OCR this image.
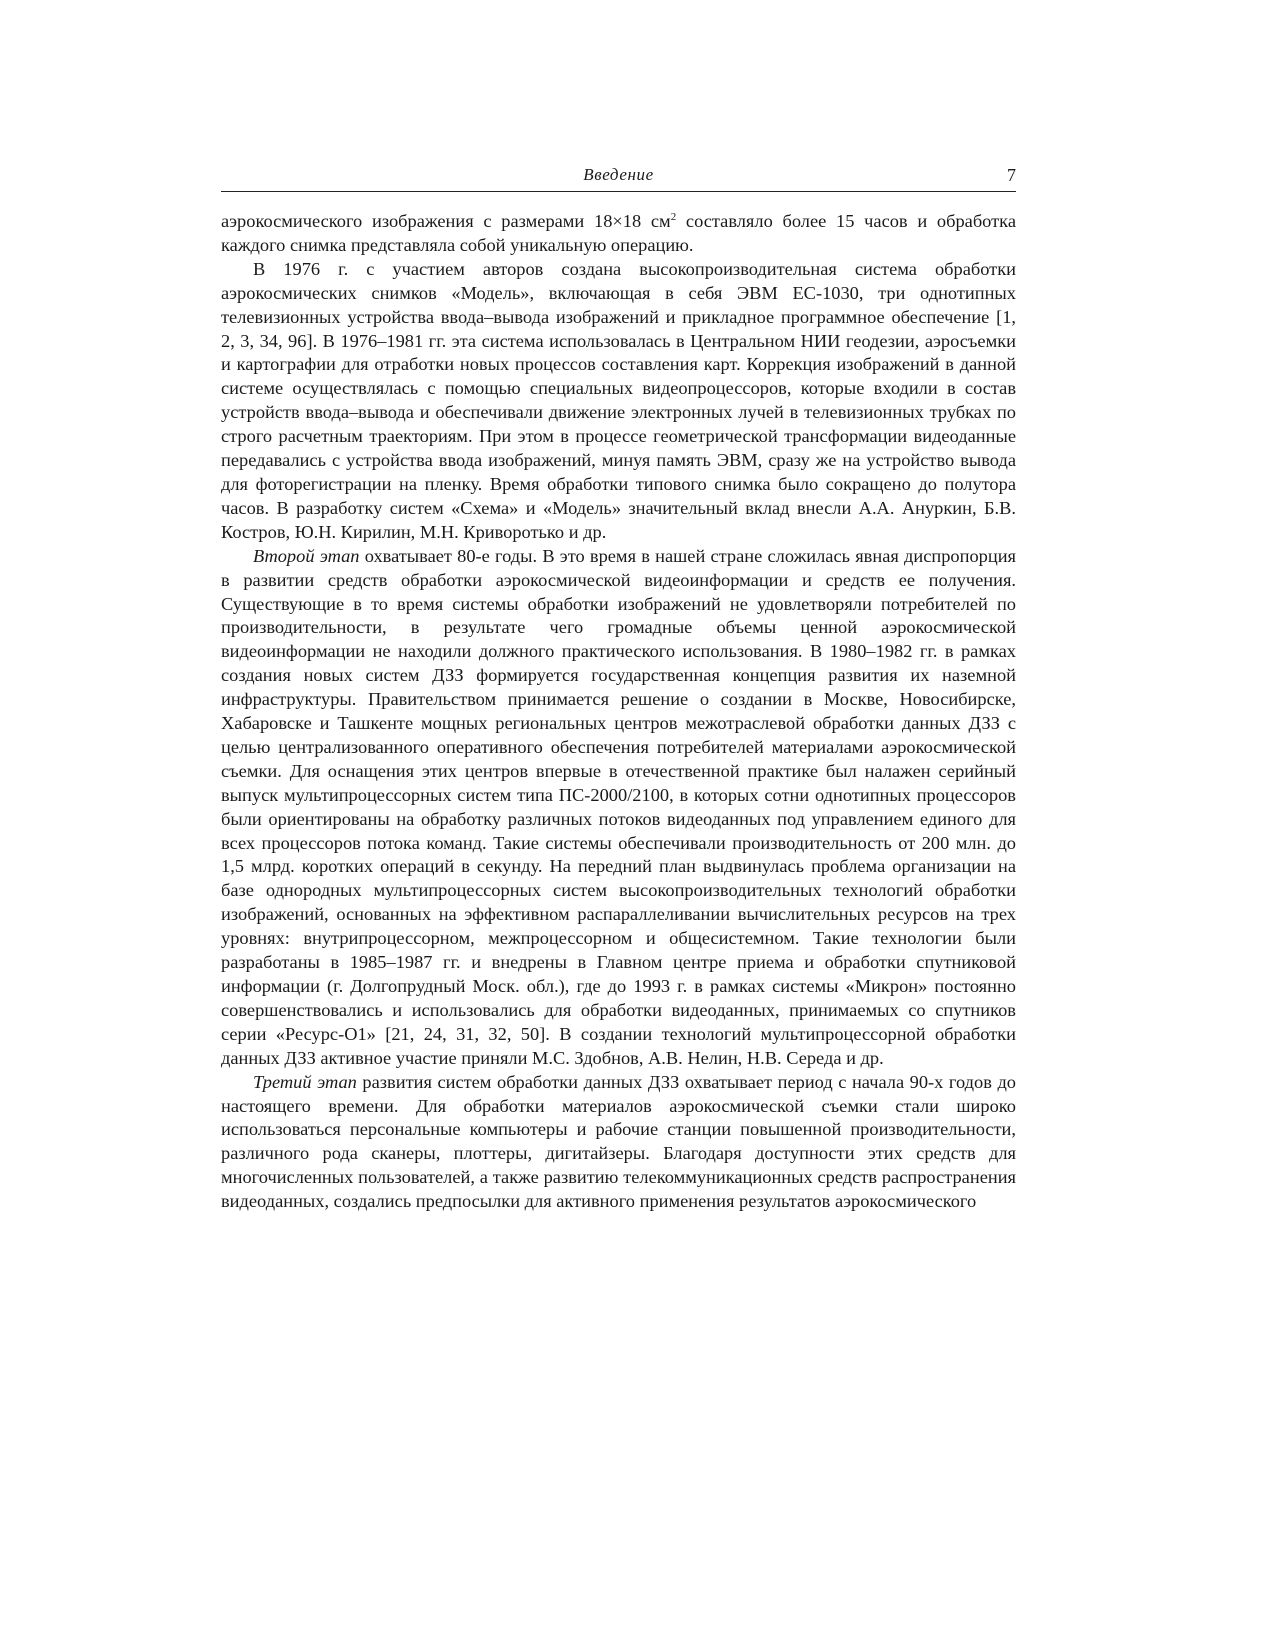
Введение	7

аэрокосмического изображения с размерами 18×18 $см^2$ составляло более 15 часов и обработка каждого снимка представляла собой уникальную операцию.

В 1976 г. с участием авторов создана высокопроизводительная система обработки аэрокосмических снимков «Модель», включающая в себя ЭВМ ЕС-1030, три однотипных телевизионных устройства ввода–вывода изображений и прикладное программное обеспечение [1, 2, 3, 34, 96]. В 1976–1981 гг. эта система использовалась в Центральном НИИ геодезии, аэросъемки и картографии для отработки новых процессов составления карт. Коррекция изображений в данной системе осуществлялась с помощью специальных видеопроцессоров, которые входили в состав устройств ввода–вывода и обеспечивали движение электронных лучей в телевизионных трубках по строго расчетным траекториям. При этом в процессе геометрической трансформации видеоданные передавались с устройства ввода изображений, минуя память ЭВМ, сразу же на устройство вывода для фоторегистрации на пленку. Время обработки типового снимка было сокращено до полутора часов. В разработку систем «Схема» и «Модель» значительный вклад внесли А.А. Ануркин, Б.В. Костров, Ю.Н. Кирилин, М.Н. Криворотько и др.

Второй этап охватывает 80-е годы. В это время в нашей стране сложилась явная диспропорция в развитии средств обработки аэрокосмической видеоинформации и средств ее получения. Существующие в то время системы обработки изображений не удовлетворяли потребителей по производительности, в результате чего громадные объемы ценной аэрокосмической видеоинформации не находили должного практического использования. В 1980–1982 гг. в рамках создания новых систем ДЗЗ формируется государственная концепция развития их наземной инфраструктуры. Правительством принимается решение о создании в Москве, Новосибирске, Хабаровске и Ташкенте мощных региональных центров межотраслевой обработки данных ДЗЗ с целью централизованного оперативного обеспечения потребителей материалами аэрокосмической съемки. Для оснащения этих центров впервые в отечественной практике был налажен серийный выпуск мультипроцессорных систем типа ПС-2000/2100, в которых сотни однотипных процессоров были ориентированы на обработку различных потоков видеоданных под управлением единого для всех процессоров потока команд. Такие системы обеспечивали производительность от 200 млн. до 1,5 млрд. коротких операций в секунду. На передний план выдвинулась проблема организации на базе однородных мультипроцессорных систем высокопроизводительных технологий обработки изображений, основанных на эффективном распараллеливании вычислительных ресурсов на трех уровнях: внутрипроцессорном, межпроцессорном и общесистемном. Такие технологии были разработаны в 1985–1987 гг. и внедрены в Главном центре приема и обработки спутниковой информации (г. Долгопрудный Моск. обл.), где до 1993 г. в рамках системы «Микрон» постоянно совершенствовались и использовались для обработки видеоданных, принимаемых со спутников серии «Ресурс-О1» [21, 24, 31, 32, 50]. В создании технологий мультипроцессорной обработки данных ДЗЗ активное участие приняли М.С. Здобнов, А.В. Нелин, Н.В. Середа и др.

Третий этап развития систем обработки данных ДЗЗ охватывает период с начала 90-х годов до настоящего времени. Для обработки материалов аэрокосмической съемки стали широко использоваться персональные компьютеры и рабочие станции повышенной производительности, различного рода сканеры, плоттеры, дигитайзеры. Благодаря доступности этих средств для многочисленных пользователей, а также развитию телекоммуникационных средств распространения видеоданных, создались предпосылки для активного применения результатов аэрокосмического
